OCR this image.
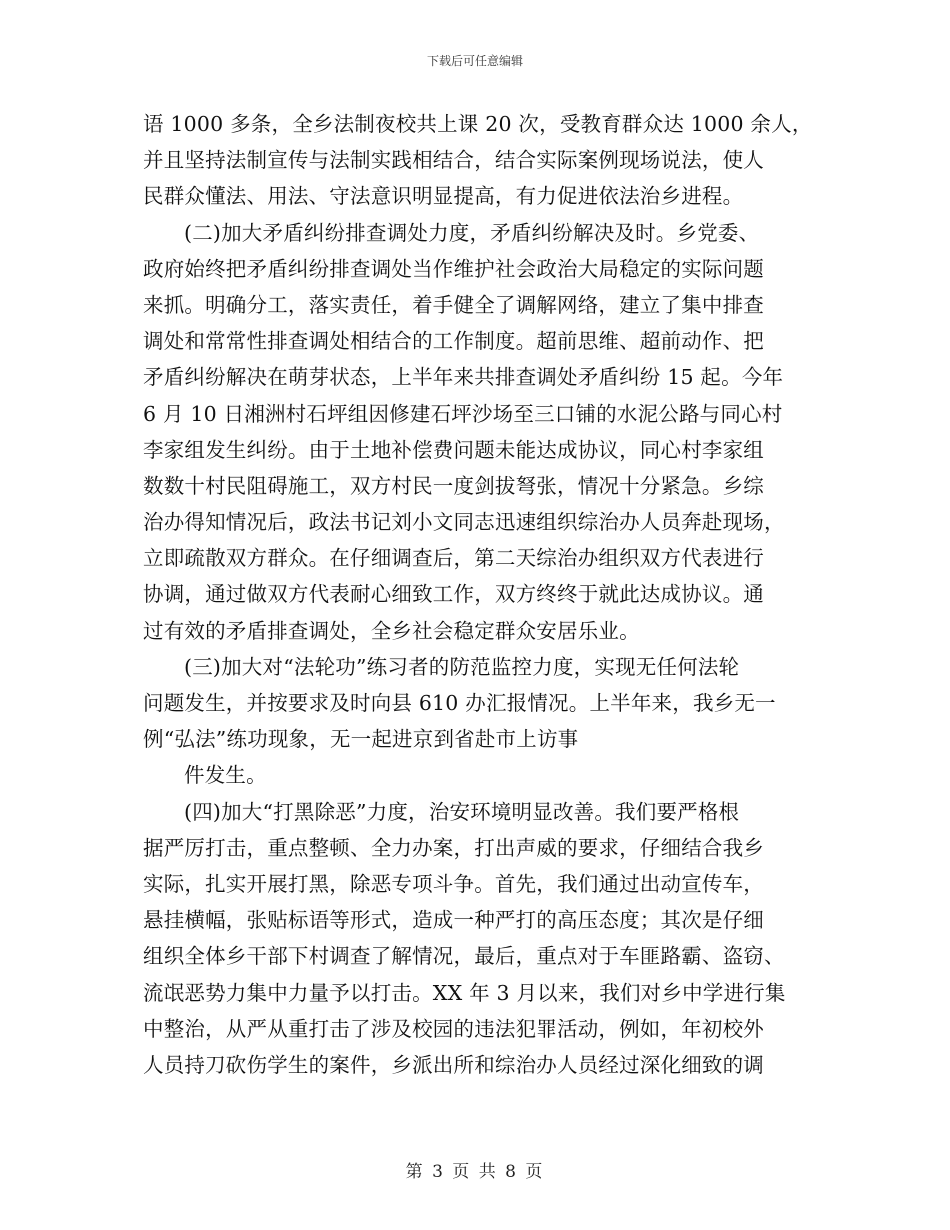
下载后可任意编辑
语 1000 多条，全乡法制夜校共上课 20 次，受教育群众达 1000 余人，
并且坚持法制宣传与法制实践相结合，结合实际案例现场说法，使人
民群众懂法、用法、守法意识明显提高，有力促进依法治乡进程。
(二)加大矛盾纠纷排查调处力度，矛盾纠纷解决及时。乡党委、
政府始终把矛盾纠纷排查调处当作维护社会政治大局稳定的实际问题
来抓。明确分工，落实责任，着手健全了调解网络，建立了集中排查
调处和常常性排查调处相结合的工作制度。超前思维、超前动作、把
矛盾纠纷解决在萌芽状态，上半年来共排查调处矛盾纠纷 15 起。今年
6 月 10 日湘洲村石坪组因修建石坪沙场至三口铺的水泥公路与同心村
李家组发生纠纷。由于土地补偿费问题未能达成协议，同心村李家组
数数十村民阻碍施工，双方村民一度剑拔弩张，情况十分紧急。乡综
治办得知情况后，政法书记刘小文同志迅速组织综治办人员奔赴现场，
立即疏散双方群众。在仔细调查后，第二天综治办组织双方代表进行
协调，通过做双方代表耐心细致工作，双方终终于就此达成协议。通
过有效的矛盾排查调处，全乡社会稳定群众安居乐业。
(三)加大对“法轮功”练习者的防范监控力度，实现无任何法轮
问题发生，并按要求及时向县 610 办汇报情况。上半年来，我乡无一
例“弘法”练功现象，无一起进京到省赴市上访事
件发生。
(四)加大“打黑除恶”力度，治安环境明显改善。我们要严格根
据严厉打击，重点整顿、全力办案，打出声威的要求，仔细结合我乡
实际，扎实开展打黑，除恶专项斗争。首先，我们通过出动宣传车，
悬挂横幅，张贴标语等形式，造成一种严打的高压态度；其次是仔细
组织全体乡干部下村调查了解情况，最后，重点对于车匪路霸、盗窃、
流氓恶势力集中力量予以打击。XX 年 3 月以来，我们对乡中学进行集
中整治，从严从重打击了涉及校园的违法犯罪活动，例如，年初校外
人员持刀砍伤学生的案件，乡派出所和综治办人员经过深化细致的调
第 3 页 共 8 页
